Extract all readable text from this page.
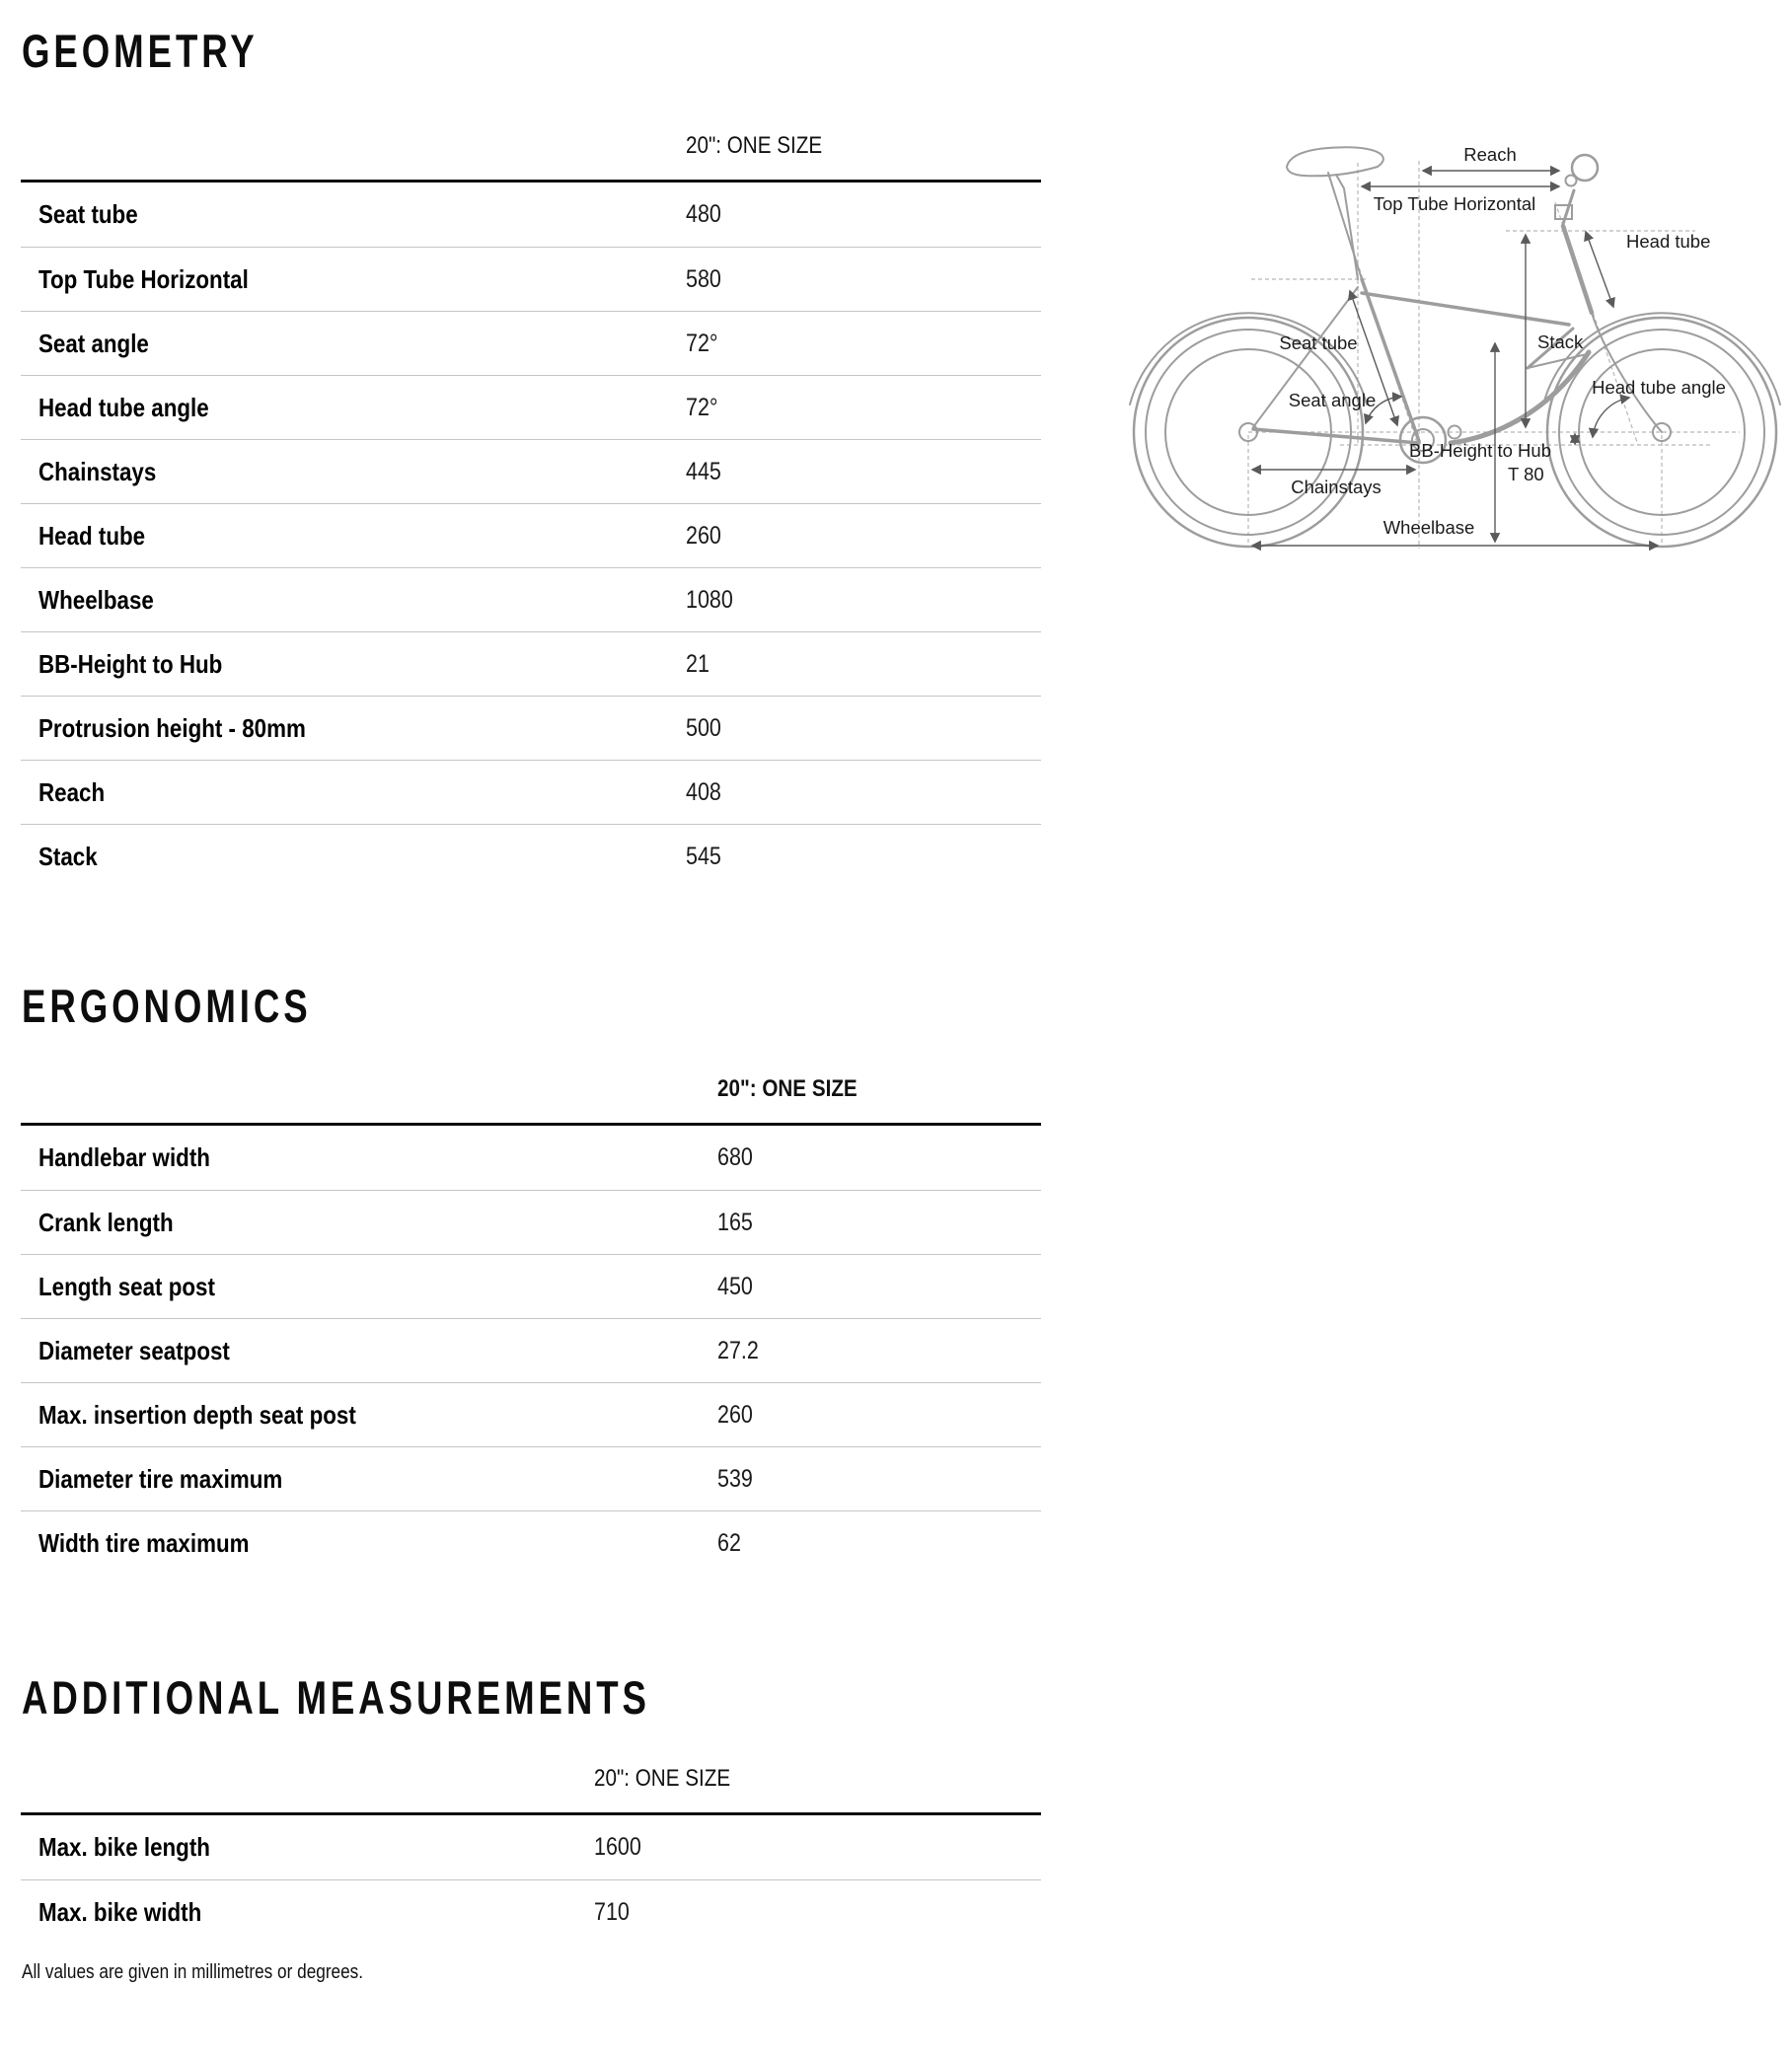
GEOMETRY
20": ONE SIZE
Seat tube	480
Top Tube Horizontal	580
Seat angle	72°
Head tube angle	72°
Chainstays	445
Head tube	260
Wheelbase	1080
BB-Height to Hub	21
Protrusion height - 80mm	500
Reach	408
Stack	545
ERGONOMICS
20": ONE SIZE
Handlebar width	680
Crank length	165
Length seat post	450
Diameter seatpost	27.2
Max. insertion depth seat post	260
Diameter tire maximum	539
Width tire maximum	62
ADDITIONAL MEASUREMENTS
20": ONE SIZE
Max. bike length	1600
Max. bike width	710
All values are given in millimetres or degrees.
Reach
Top Tube Horizontal
Head tube
Seat tube	Stack
Seat angle
Head tube angle
BB-Height to Hub
Chainstays
T 80
Wheelbase
